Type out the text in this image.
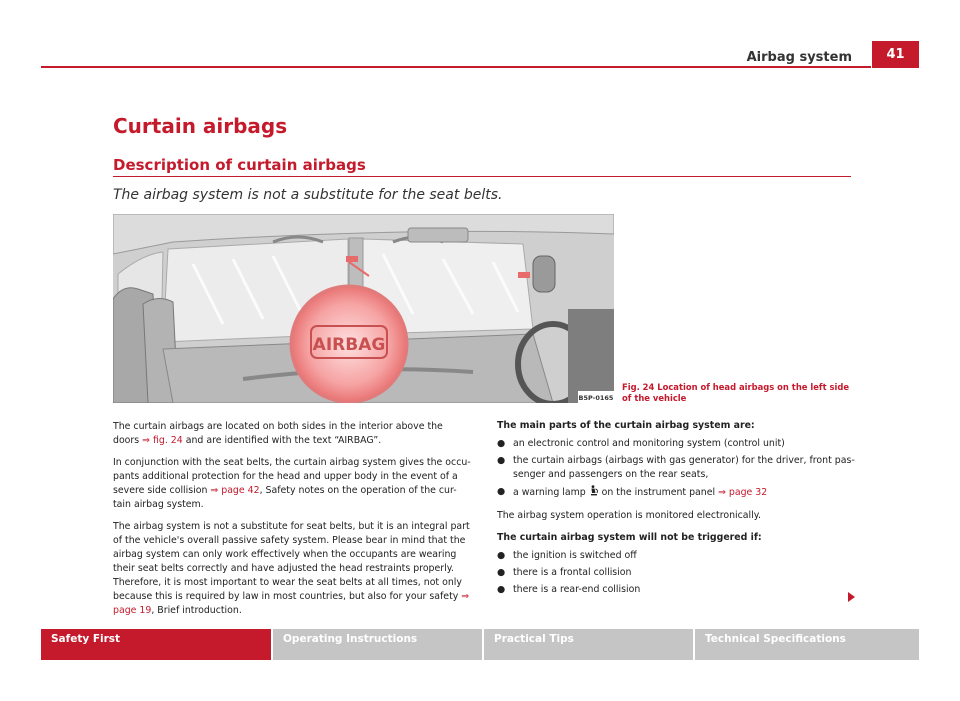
Airbag system	41
Curtain airbags
Description of curtain airbags
The airbag system is not a substitute for the seat belts.
AIRBAG
B5P-0165
Fig. 24 Location of head airbags on the left side of the vehicle

The curtain airbags are located on both sides in the interior above the doors ⇒ fig. 24 and are identified with the text “AIRBAG”.

In conjunction with the seat belts, the curtain airbag system gives the occu-pants additional protection for the head and upper body in the event of a severe side collision ⇒ page 42, Safety notes on the operation of the cur-tain airbag system.

The airbag system is not a substitute for seat belts, but it is an integral part of the vehicle's overall passive safety system. Please bear in mind that the airbag system can only work effectively when the occupants are wearing their seat belts correctly and have adjusted the head restraints properly. Therefore, it is most important to wear the seat belts at all times, not only because this is required by law in most countries, but also for your safety ⇒ page 19, Brief introduction.

The main parts of the curtain airbag system are:

● an electronic control and monitoring system (control unit)

● the curtain airbags (airbags with gas generator) for the driver, front pas-senger and passengers on the rear seats,

● a warning lamp  on the instrument panel ⇒ page 32

The airbag system operation is monitored electronically.

The curtain airbag system will not be triggered if:

● the ignition is switched off

● there is a frontal collision

● there is a rear-end collision

Safety First	Operating Instructions	Practical Tips	Technical Specifications
